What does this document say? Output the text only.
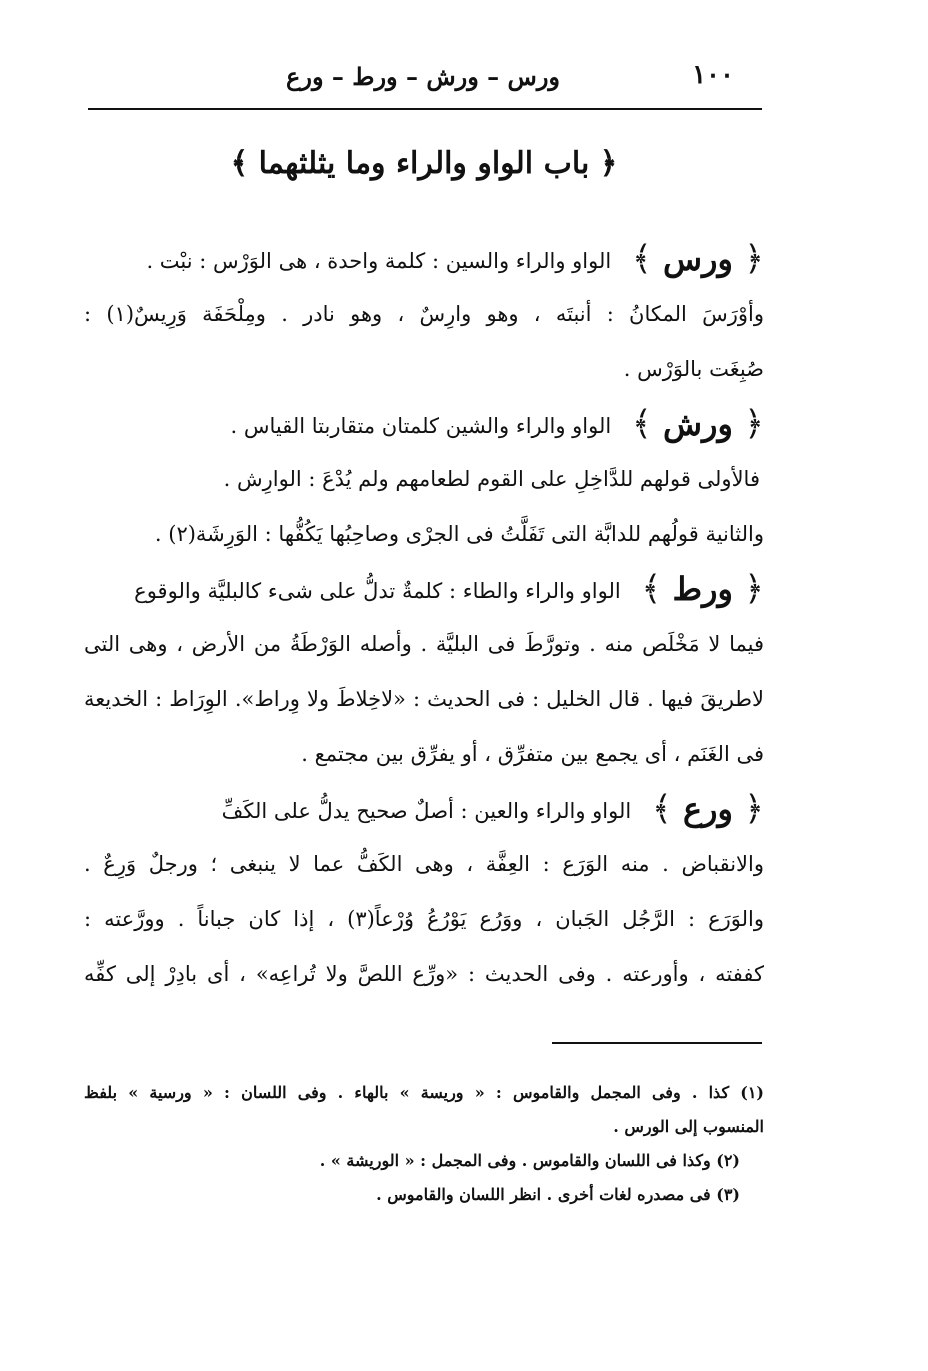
١٠٠
ورس – ورش – ورط – ورع
﴿ باب الواو والراء وما يثلثهما ﴾
﴿ ورس ﴾ الواو والراء والسين : كلمة واحدة ، هى الوَرْس : نبْت .
وأوْرَسَ المكانُ : أنبتَه ، وهو وارِسٌ ، وهو نادر . ومِلْحَفَة وَرِيسٌ(١) :
صُبِغَت بالوَرْس .
﴿ ورش ﴾ الواو والراء والشين كلمتان متقاربتا القياس .
فالأولى قولهم للدَّاخِلِ على القوم لطعامهم ولم يُدْعَ : الوارِش .
والثانية قولُهم للدابَّة التى تَفَلَّتُ فى الجرْى وصاحِبُها يَكُفُّها : الوَرِشَة(٢) .
﴿ ورط ﴾ الواو والراء والطاء : كلمةٌ تدلُّ على شىء كالبليَّة والوقوع
فيما لا مَخْلَص منه . وتورَّطَ فى البليَّة . وأصله الوَرْطَةُ من الأرض ، وهى التى
لاطريقَ فيها . قال الخليل : فى الحديث : «لاخِلاطَ ولا وِراط». الوِرَاط : الخديعة
فى الغَنَم ، أى يجمع بين متفرِّق ، أو يفرِّق بين مجتمع .
﴿ ورع ﴾ الواو والراء والعين : أصلٌ صحيح يدلُّ على الكَفِّ
والانقباض . منه الوَرَع : العِفَّة ، وهى الكَفُّ عما لا ينبغى ؛ ورجلٌ وَرِعٌ .
والوَرَع : الرَّجُل الجَبان ، ووَرُع يَوْرُعُ وُرْعاً(٣) ، إذا كان جباناً . وورَّعته :
كففته ، وأورعته . وفى الحديث : «ورِّع اللصَّ ولا تُراعِه» ، أى بادِرْ إلى كفِّه
(١) كذا . وفى المجمل والقاموس : « وريسة » بالهاء . وفى اللسان : « ورسية » بلفظ
المنسوب إلى الورس .
(٢) وكذا فى اللسان والقاموس . وفى المجمل : « الوريشة » .
(٣) فى مصدره لغات أخرى . انظر اللسان والقاموس .
